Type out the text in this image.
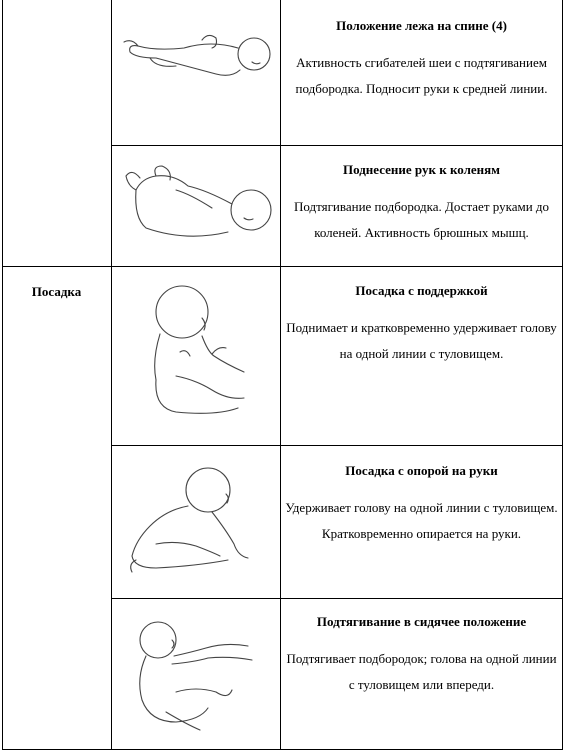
Посадка
Положение лежа на спине (4)
Активность сгибателей шеи с подтягиванием подбородка. Подносит руки к средней линии.
Поднесение рук к коленям
Подтягивание подбородка. Достает руками до коленей. Активность брюшных мышц.
Посадка с поддержкой
Поднимает и кратковременно удерживает голову на одной линии с туловищем.
Посадка с опорой на руки
Удерживает голову на одной линии с туловищем. Кратковременно опирается на руки.
Подтягивание в сидячее положение
Подтягивает подбородок; голова на одной линии с туловищем или впереди.
